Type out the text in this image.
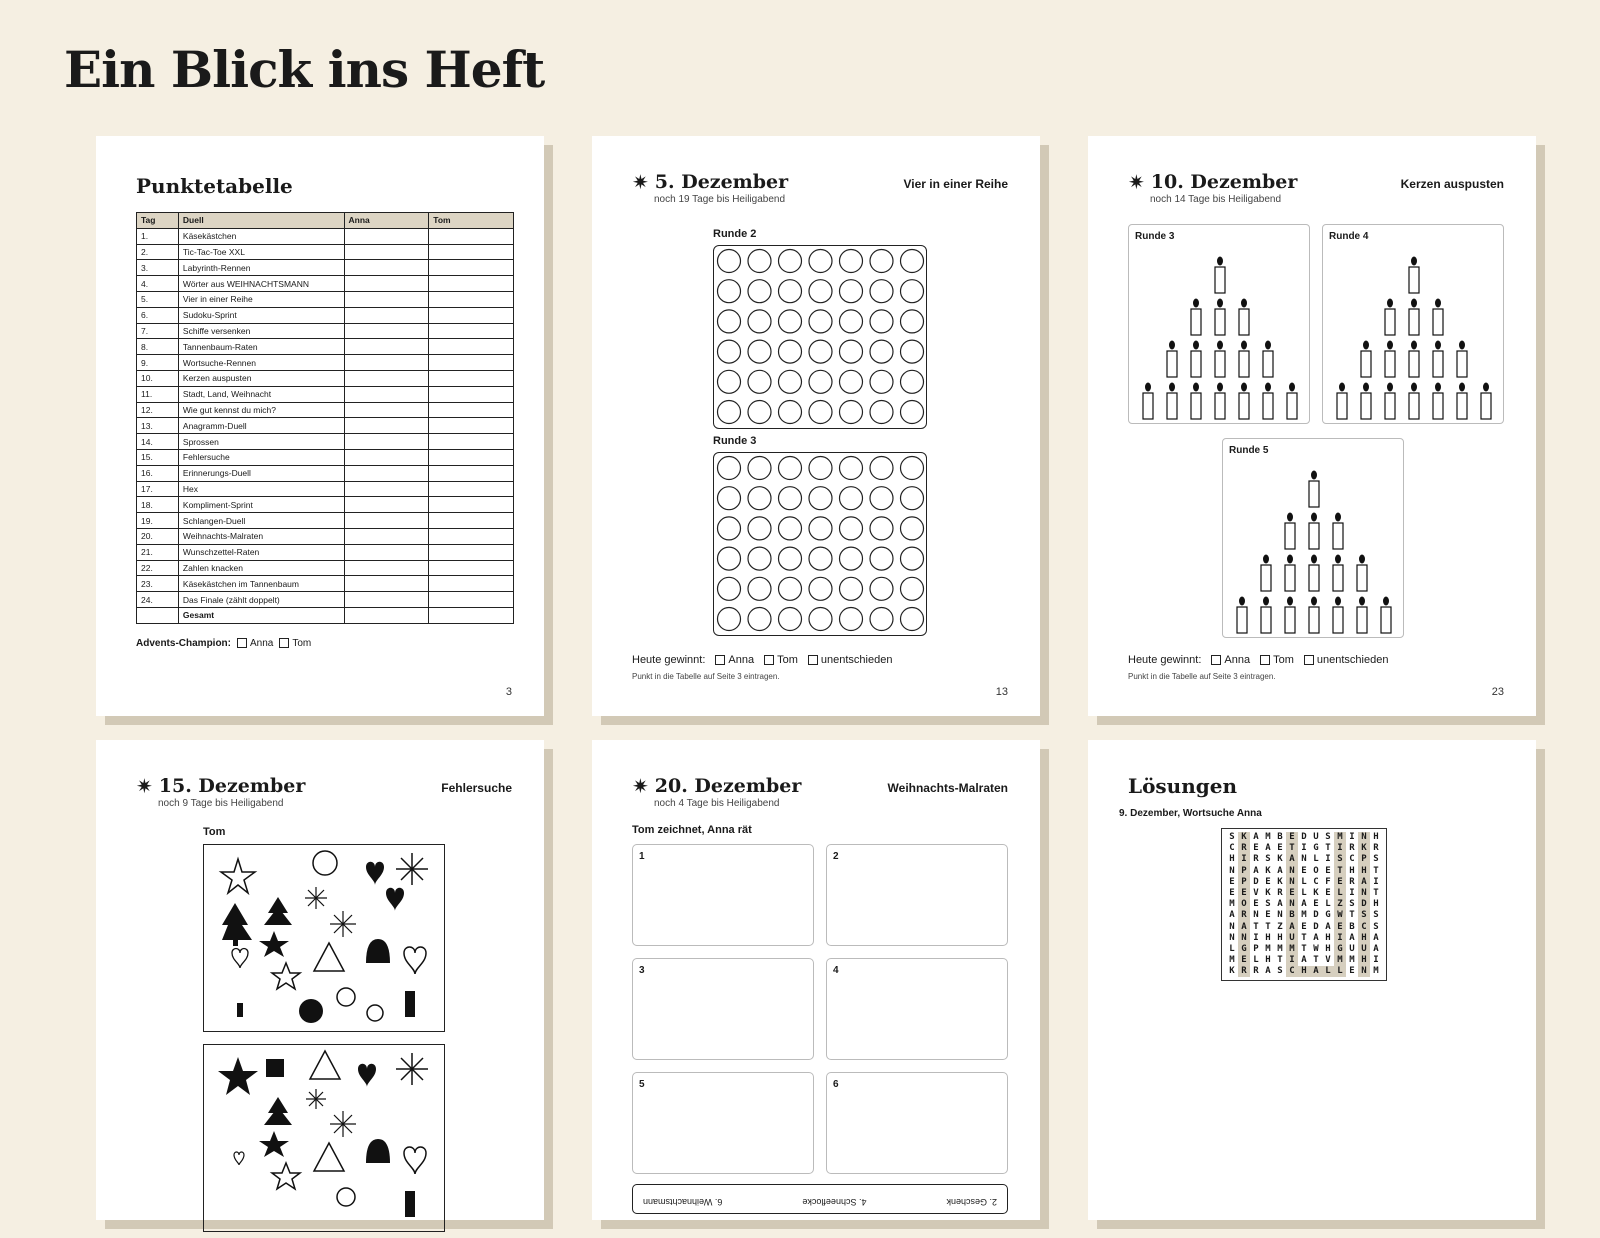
Ein Blick ins Heft
Punktetabelle
Tag	Duell	Anna	Tom
1.	Käsekästchen		
2.	Tic-Tac-Toe XXL		
3.	Labyrinth-Rennen		
4.	Wörter aus WEIHNACHTSMANN		
5.	Vier in einer Reihe		
6.	Sudoku-Sprint		
7.	Schiffe versenken		
8.	Tannenbaum-Raten		
9.	Wortsuche-Rennen		
10.	Kerzen auspusten		
11.	Stadt, Land, Weihnacht		
12.	Wie gut kennst du mich?		
13.	Anagramm-Duell		
14.	Sprossen		
15.	Fehlersuche		
16.	Erinnerungs-Duell		
17.	Hex		
18.	Kompliment-Sprint		
19.	Schlangen-Duell		
20.	Weihnachts-Malraten		
21.	Wunschzettel-Raten		
22.	Zahlen knacken		
23.	Käsekästchen im Tannenbaum		
24.	Das Finale (zählt doppelt)		
	Gesamt		
Advents-Champion:	Anna	Tom
3
✷ 5. Dezember
noch 19 Tage bis Heiligabend
Vier in einer Reihe
Runde 2
Runde 3
Heute gewinnt: Anna Tom unentschieden
Punkt in die Tabelle auf Seite 3 eintragen.
13
✷ 10. Dezember
noch 14 Tage bis Heiligabend
Kerzen auspusten
Runde 3	Runde 4
Runde 5
Heute gewinnt: Anna Tom unentschieden
Punkt in die Tabelle auf Seite 3 eintragen.
23
✷ 15. Dezember
noch 9 Tage bis Heiligabend
Fehlersuche
Tom
✷ 20. Dezember
noch 4 Tage bis Heiligabend
Weihnachts-Malraten
Tom zeichnet, Anna rät
1	2
3	4
5	6
2. Geschenk
4. Schneeflocke
6. Weihnachtsmann
Lösungen
9. Dezember, Wortsuche Anna
S K A M B E D U S M I N H
C R E A E T I G T I R K R
H I R S K A N L I S C P S
N P A K A N E O E T H H T
E P D E K N L C F E R A I
E E V K R E L K E L I N T
M O E S A N A E L Z S D H
A R N E N B M D G W T S S
N A T T Z A E D A E B C S
N N I H H U T A H I A H A
L G P M M M T W H G U U A
M E L H T I A T V M M H I
K R R A S C H A L L E N M
